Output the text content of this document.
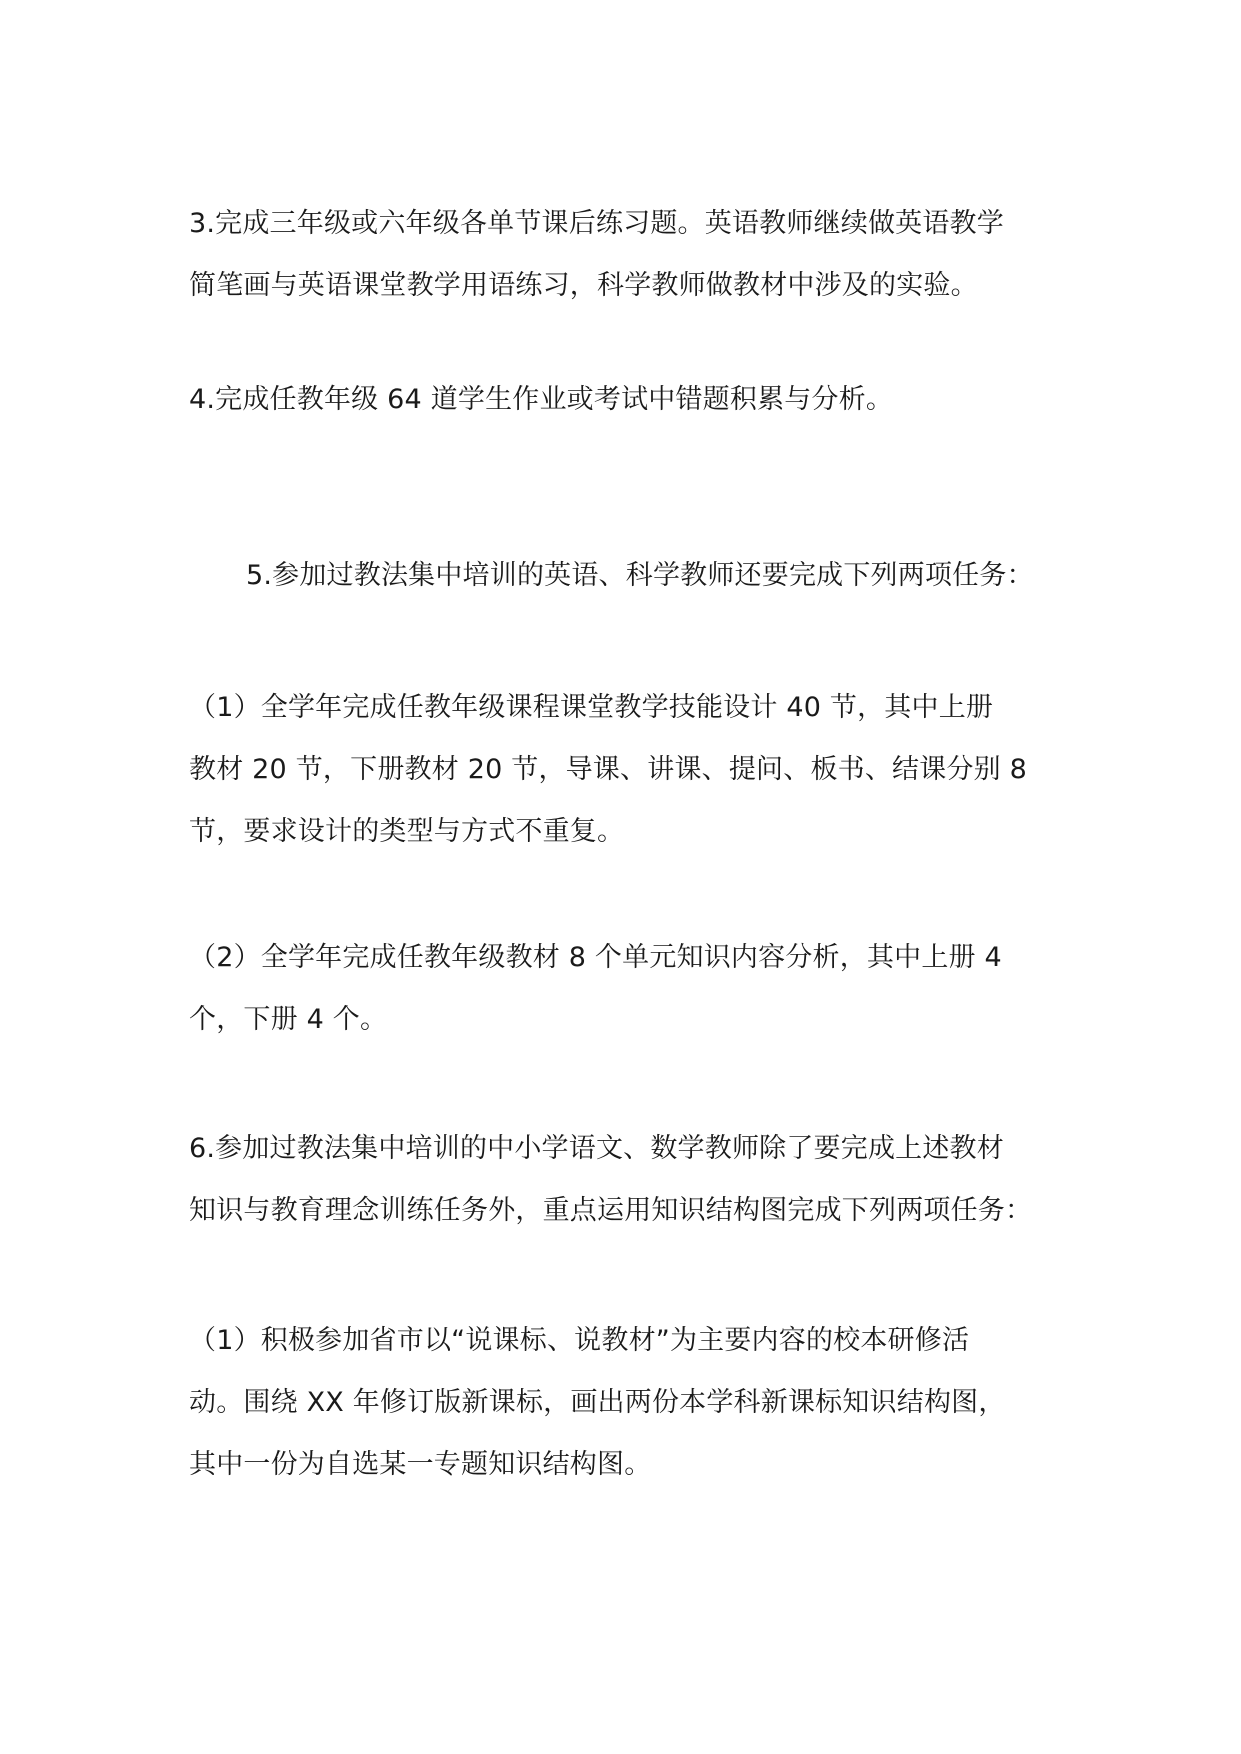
3.完成三年级或六年级各单节课后练习题。英语教师继续做英语教学
简笔画与英语课堂教学用语练习，科学教师做教材中涉及的实验。

4.完成任教年级 64 道学生作业或考试中错题积累与分析。

5.参加过教法集中培训的英语、科学教师还要完成下列两项任务：

（1）全学年完成任教年级课程课堂教学技能设计 40 节，其中上册
教材 20 节，下册教材 20 节，导课、讲课、提问、板书、结课分别 8
节，要求设计的类型与方式不重复。

（2）全学年完成任教年级教材 8 个单元知识内容分析，其中上册 4
个，下册 4 个。

6.参加过教法集中培训的中小学语文、数学教师除了要完成上述教材
知识与教育理念训练任务外，重点运用知识结构图完成下列两项任务：

（1）积极参加省市以“说课标、说教材”为主要内容的校本研修活
动。围绕 XX 年修订版新课标，画出两份本学科新课标知识结构图，
其中一份为自选某一专题知识结构图。
